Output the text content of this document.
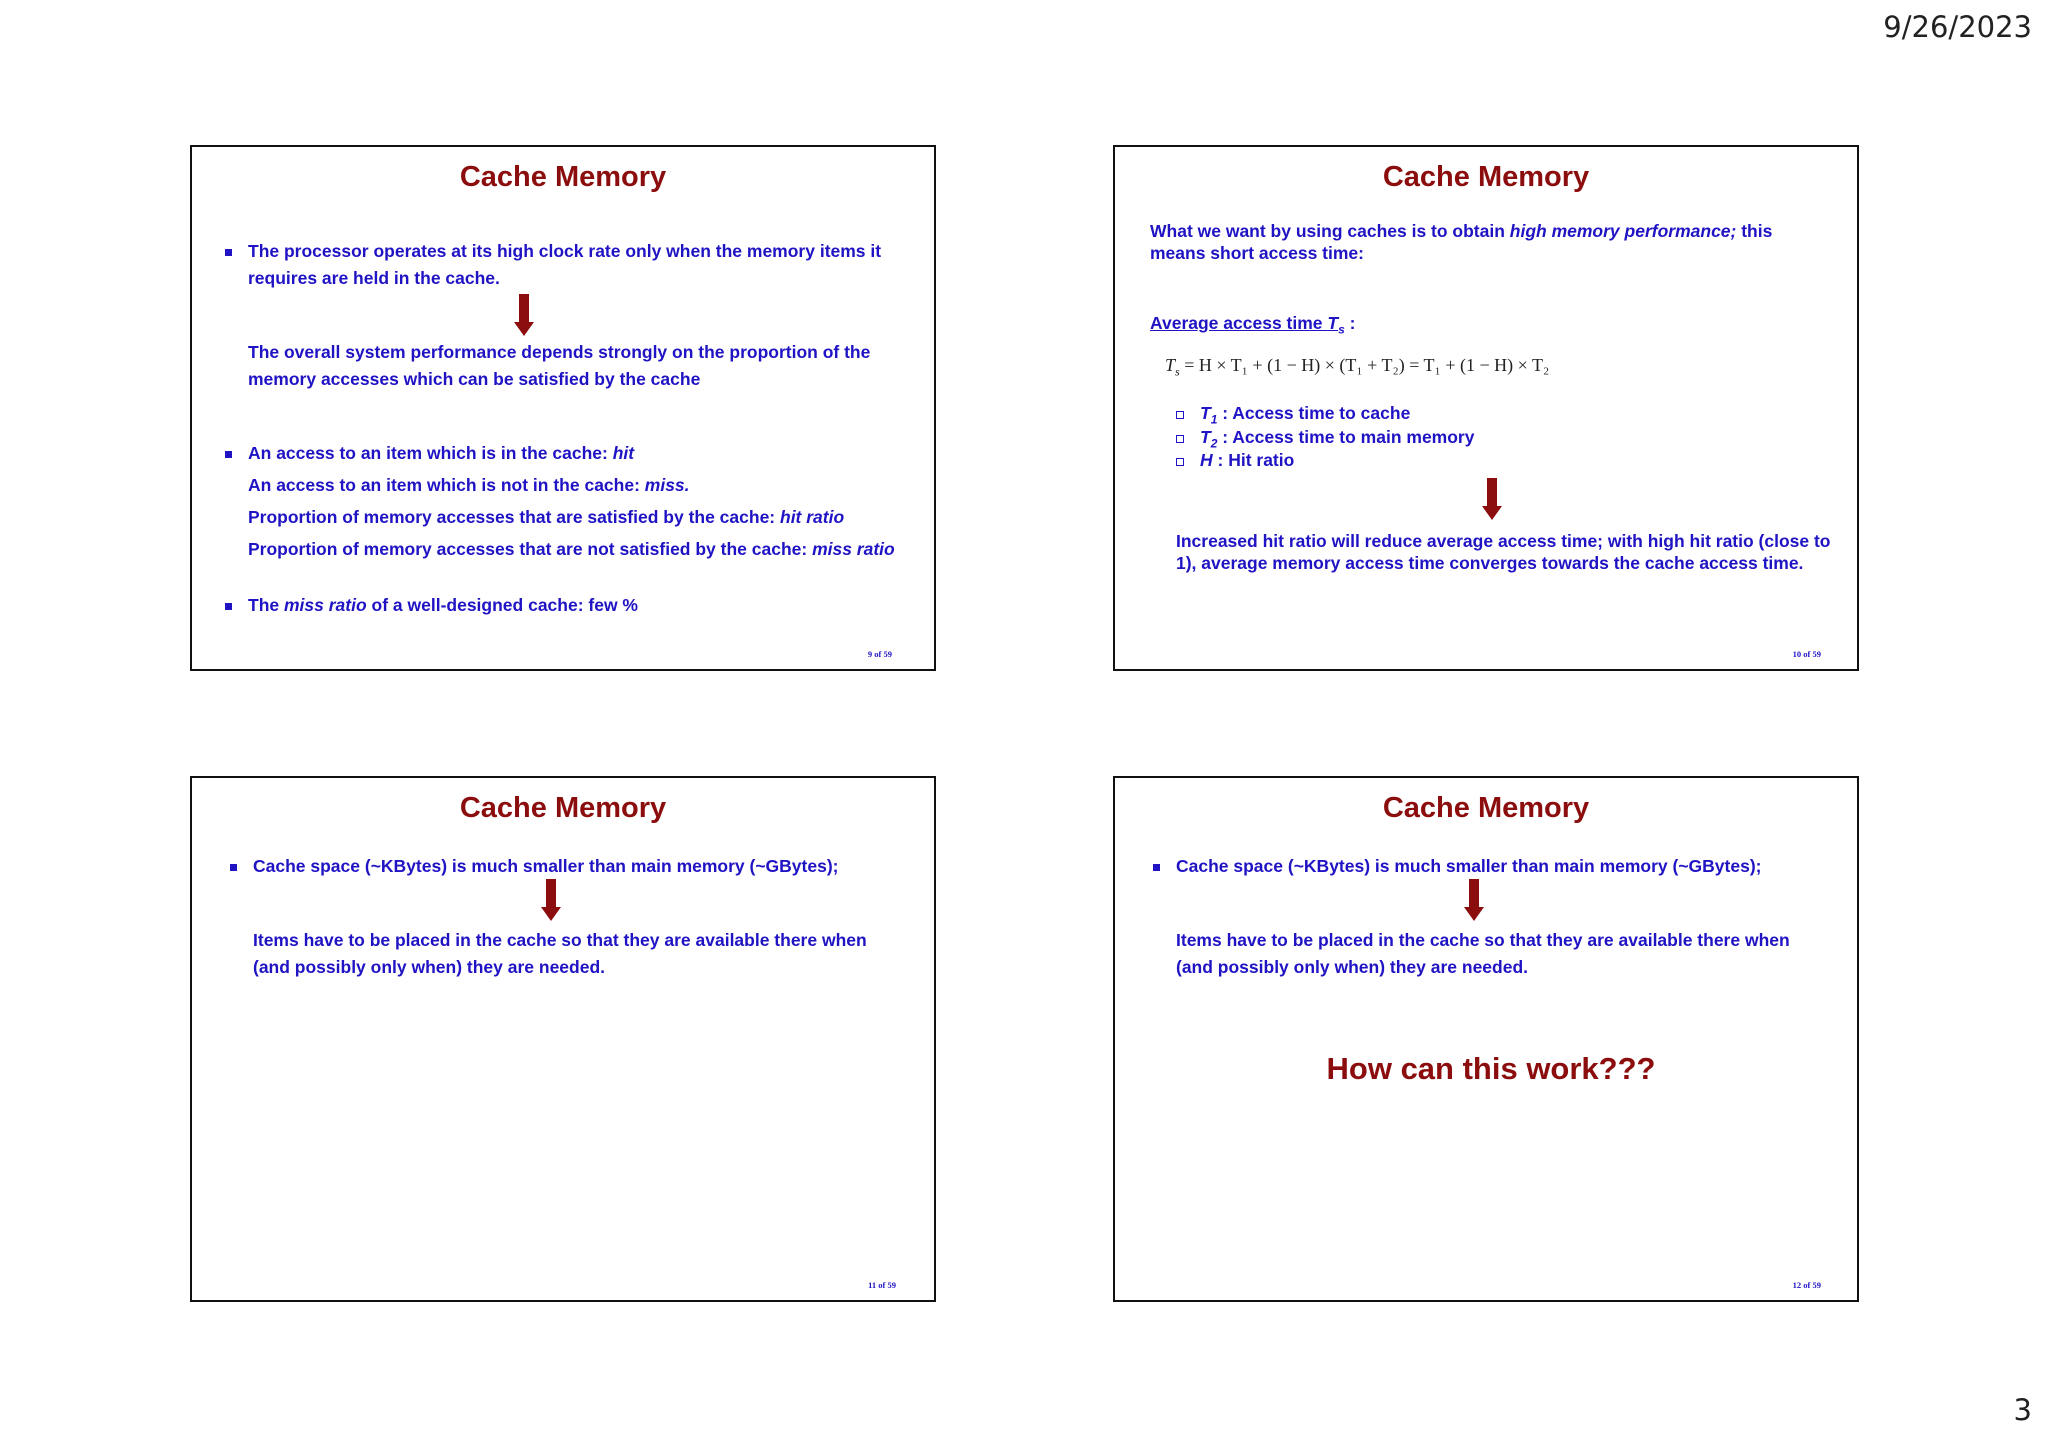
9/26/2023
Cache Memory
The processor operates at its high clock rate only when the memory items it requires are held in the cache.
The overall system performance depends strongly on the proportion of the memory accesses which can be satisfied by the cache
An access to an item which is in the cache: hit
An access to an item which is not in the cache: miss.
Proportion of memory accesses that are satisfied by the cache: hit ratio
Proportion of memory accesses that are not satisfied by the cache: miss ratio
The miss ratio of a well-designed cache: few %
9 of 59
Cache Memory
What we want by using caches is to obtain high memory performance; this means short access time:
Average access time $T_s$ :
$T_s = H \times T_1 + (1 - H) \times (T_1 + T_2) = T_1 + (1 - H) \times T_2$
$T_1$ : Access time to cache
$T_2$ : Access time to main memory
H : Hit ratio
Increased hit ratio will reduce average access time; with high hit ratio (close to 1), average memory access time converges towards the cache access time.
10 of 59
Cache Memory
Cache space (~KBytes) is much smaller than main memory (~GBytes);
Items have to be placed in the cache so that they are available there when (and possibly only when) they are needed.
11 of 59
Cache Memory
Cache space (~KBytes) is much smaller than main memory (~GBytes);
Items have to be placed in the cache so that they are available there when (and possibly only when) they are needed.
How can this work???
12 of 59
3
